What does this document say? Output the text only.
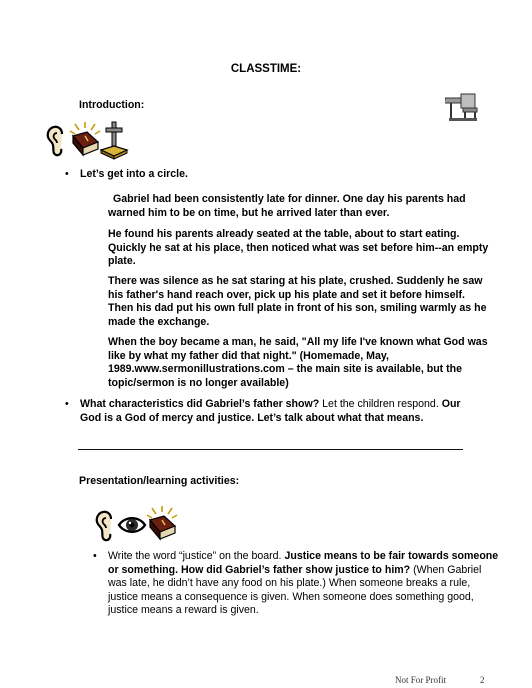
CLASSTIME:
Introduction:
• Let’s get into a circle.
Gabriel had been consistently late for dinner. One day his parents had warned him to be on time, but he arrived later than ever.
He found his parents already seated at the table, about to start eating. Quickly he sat at his place, then noticed what was set before him--an empty plate.
There was silence as he sat staring at his plate, crushed. Suddenly he saw his father's hand reach over, pick up his plate and set it before himself. Then his dad put his own full plate in front of his son, smiling warmly as he made the exchange.
When the boy became a man, he said, "All my life I've known what God was like by what my father did that night." (Homemade, May, 1989.www.sermonillustrations.com – the main site is available, but the topic/sermon is no longer available)
• What characteristics did Gabriel’s father show? Let the children respond. Our God is a God of mercy and justice. Let’s talk about what that means.
Presentation/learning activities:
• Write the word “justice” on the board. Justice means to be fair towards someone or something. How did Gabriel’s father show justice to him? (When Gabriel was late, he didn’t have any food on his plate.) When someone breaks a rule, justice means a consequence is given. When someone does something good, justice means a reward is given.
Not For Profit	2
